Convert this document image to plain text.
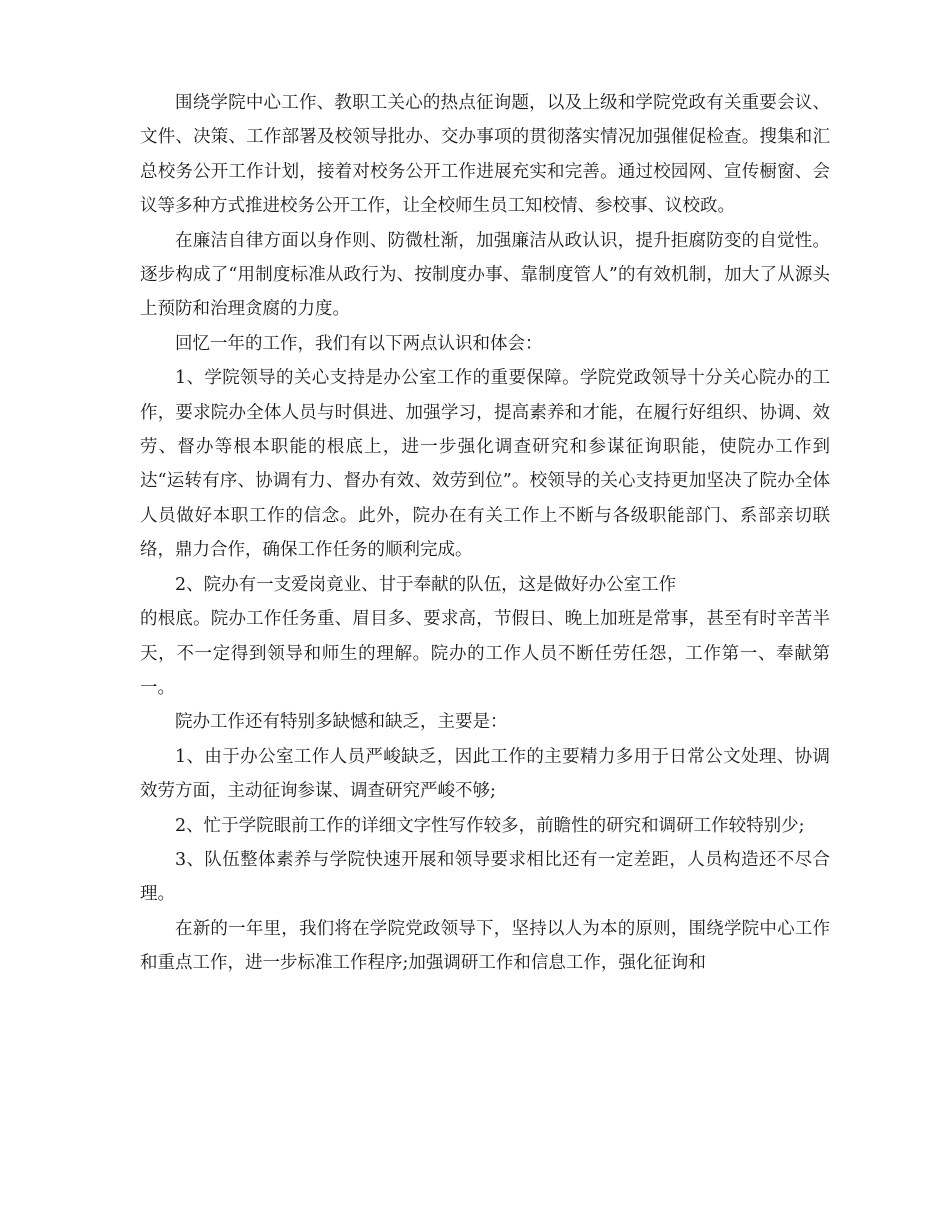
围绕学院中心工作、教职工关心的热点征询题，以及上级和学院党政有关重要会议、文件、决策、工作部署及校领导批办、交办事项的贯彻落实情况加强催促检查。搜集和汇总校务公开工作计划，接着对校务公开工作进展充实和完善。通过校园网、宣传橱窗、会议等多种方式推进校务公开工作，让全校师生员工知校情、参校事、议校政。

在廉洁自律方面以身作则、防微杜渐，加强廉洁从政认识，提升拒腐防变的自觉性。逐步构成了“用制度标准从政行为、按制度办事、靠制度管人”的有效机制，加大了从源头上预防和治理贪腐的力度。

回忆一年的工作，我们有以下两点认识和体会：

1、学院领导的关心支持是办公室工作的重要保障。学院党政领导十分关心院办的工作，要求院办全体人员与时俱进、加强学习，提高素养和才能，在履行好组织、协调、效劳、督办等根本职能的根底上，进一步强化调查研究和参谋征询职能，使院办工作到达“运转有序、协调有力、督办有效、效劳到位”。校领导的关心支持更加坚决了院办全体人员做好本职工作的信念。此外，院办在有关工作上不断与各级职能部门、系部亲切联络，鼎力合作，确保工作任务的顺利完成。

2、院办有一支爱岗竟业、甘于奉献的队伍，这是做好办公室工作

的根底。院办工作任务重、眉目多、要求高，节假日、晚上加班是常事，甚至有时辛苦半天，不一定得到领导和师生的理解。院办的工作人员不断任劳任怨，工作第一、奉献第一。

院办工作还有特别多缺憾和缺乏，主要是：

1、由于办公室工作人员严峻缺乏，因此工作的主要精力多用于日常公文处理、协调效劳方面，主动征询参谋、调查研究严峻不够;

2、忙于学院眼前工作的详细文字性写作较多，前瞻性的研究和调研工作较特别少;

3、队伍整体素养与学院快速开展和领导要求相比还有一定差距，人员构造还不尽合理。

在新的一年里，我们将在学院党政领导下，坚持以人为本的原则，围绕学院中心工作和重点工作，进一步标准工作程序;加强调研工作和信息工作，强化征询和
